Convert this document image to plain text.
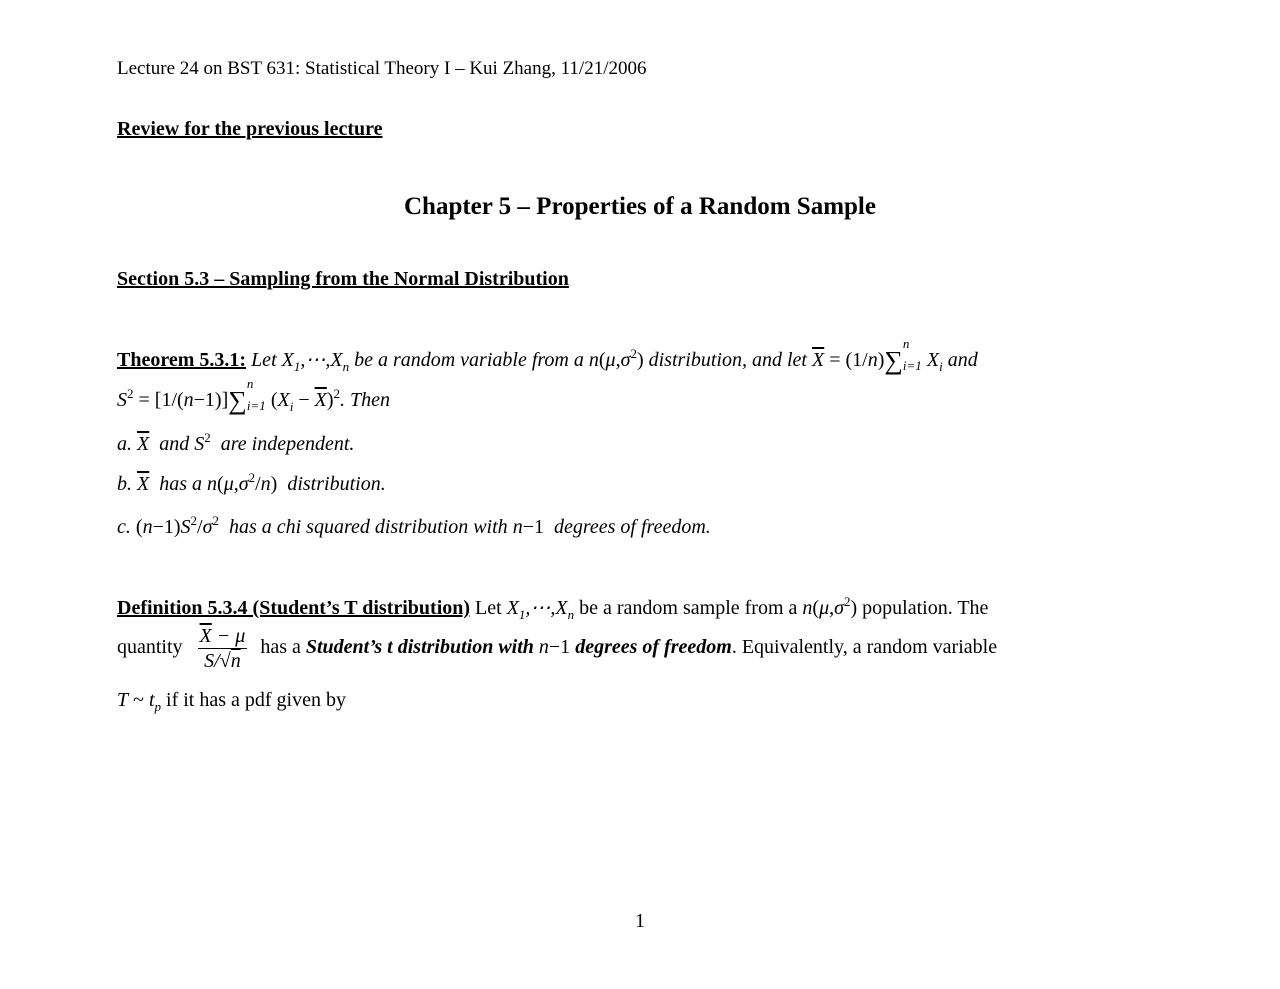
Lecture 24 on BST 631: Statistical Theory I – Kui Zhang, 11/21/2006
Review for the previous lecture
Chapter 5 – Properties of a Random Sample
Section 5.3 – Sampling from the Normal Distribution
Theorem 5.3.1: Let $X_1,\cdots,X_n$ be a random variable from a $n(\mu,\sigma^2)$ distribution, and let $\overline{X} = (1/n)\sum$
n
i=1 $X_i$ and
$S^2 = [1/(n-1)]\sum$
n
i=1 $(X_i - \overline{X})^2$. Then
a. $\overline{X}$ and $S^2$ are independent.
b. $\overline{X}$ has a $n(\mu,\sigma^2/n)$  distribution.
c. $(n-1)S^2/\sigma^2$ has a chi squared distribution with n−1  degrees of freedom.
Definition 5.3.4 (Student’s T distribution) Let $X_1,\cdots,X_n$ be a random sample from a $n(\mu,\sigma^2)$ population. The
quantity $\frac{\overline{X} - \mu}{S/√n}$ has a Student’s t distribution with n−1 degrees of freedom. Equivalently, a random variable
T ~ $t_p$ if it has a pdf given by
1
